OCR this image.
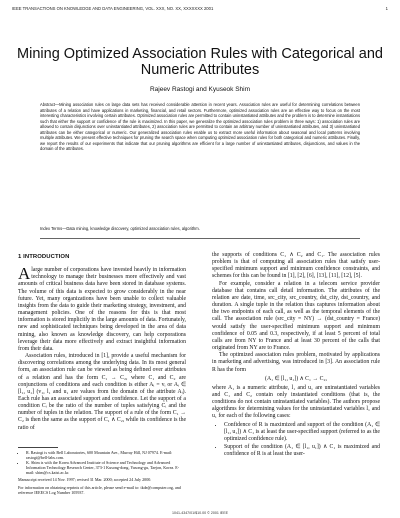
IEEE TRANSACTIONS ON KNOWLEDGE AND DATA ENGINEERING, VOL. XXX, NO. XX, XXXXXXX 2001	1
Mining Optimized Association Rules with Categorical and Numeric Attributes
Rajeev Rastogi and Kyuseok Shim
Abstract—Mining association rules on large data sets has received considerable attention in recent years. Association rules are useful for determining correlations between attributes of a relation and have applications in marketing, financial, and retail sectors. Furthermore, optimized association rules are an effective way to focus on the most interesting characteristics involving certain attributes. Optimized association rules are permitted to contain uninstantiated attributes and the problem is to determine instantiations such that either the support or confidence of the rule is maximized. In this paper, we generalize the optimized association rules problem in three ways: 1) association rules are allowed to contain disjunctions over uninstantiated attributes, 2) association rules are permitted to contain an arbitrary number of uninstantiated attributes, and 3) uninstantiated attributes can be either categorical or numeric. Our generalized association rules enable us to extract more useful information about seasonal and local patterns involving multiple attributes. We present effective techniques for pruning the search space when computing optimized association rules for both categorical and numeric attributes. Finally, we report the results of our experiments that indicate that our pruning algorithms are efficient for a large number of uninstantiated attributes, disjunctions, and values in the domain of the attributes.
Index Terms—Data mining, knowledge discovery, optimized association rules, algorithm.
1 INTRODUCTION

Alarge number of corporations have invested heavily in information technology to manage their businesses more effectively and vast amounts of critical business data have been stored in database systems. The volume of this data is expected to grow considerably in the near future. Yet, many organizations have been unable to collect valuable insights from the data to guide their marketing strategy, investment, and management policies. One of the reasons for this is that most information is stored implicitly in the large amounts of data. Fortunately, new and sophisticated techniques being developed in the area of data mining, also known as knowledge discovery, can help corporations leverage their data more effectively and extract insightful information from their data.

Association rules, introduced in [1], provide a useful mechanism for discovering correlations among the underlying data. In its most general form, an association rule can be viewed as being defined over attributes of a relation and has the form C₁ → C₂, where C₁ and C₂ are conjunctions of conditions and each condition is either Aᵢ = vᵢ or Aᵢ ∈ [l₁, u₁] (v₁, l₁ and u₁ are values from the domain of the attribute Aᵢ). Each rule has an associated support and confidence. Let the support of a condition Cᵢ be the ratio of the number of tuples satisfying Cᵢ and the number of tuples in the relation. The support of a rule of the form C₁ → C₂ is then the same as the support of C₁ ∧ C₂, while its confidence is the ratio of

• R. Rastogi is with Bell Laboratories, 600 Mountain Ave., Murray Hill, NJ 07974. E-mail: rastogi@bell-labs.com.
• K. Shim is with the Korea Advanced Institute of Science and Technology and Advanced Information Technology Research Center, 373-1 Kusong-dong, Yusong-gu, Taejon, Korea. E-mail: shim@cs.kaist.ac.kr.

Manuscript received 14 Nov. 1997; revised 31 Mar. 2000; accepted 24 July 2000.

For information on obtaining reprints of this article, please send e-mail to: tkde@computer.org, and reference IEEECS Log Number 105937.

the supports of conditions C₁ ∧ C₂ and C₁. The association rules problem is that of computing all association rules that satisfy user-specified minimum support and minimum confidence constraints, and schemes for this can be found in [1], [2], [6], [13], [11], [12], [5].

For example, consider a relation in a telecom service provider database that contains call detail information. The attributes of the relation are date, time, src_city, src_country, dst_city, dst_country, and duration. A single tuple in the relation thus captures information about the two endpoints of each call, as well as the temporal elements of the call. The association rule (src_city = NY) → (dst_country = France) would satisfy the user-specified minimum support and minimum confidence of 0.05 and 0.3, respectively, if at least 5 percent of total calls are from NY to France and at least 30 percent of the calls that originated from NY are to France.

The optimized association rules problem, motivated by applications in marketing and advertising, was introduced in [3]. An association rule R has the form

(A₁ ∈ [l₁, u₁]) ∧ C₁ → C₂,

where A₁ is a numeric attribute, l₁ and u₁ are uninstantiated variables and C₁ and C₂ contain only instantiated conditions (that is, the conditions do not contain uninstantiated variables). The authors propose algorithms for determining values for the uninstantiated variables l₁ and u₁ for each of the following cases:

• Confidence of R is maximized and support of the condition (A₁ ∈ [l₁, u₁]) ∧ C₁ is at least the user-specified support (referred to as the optimized confidence rule).
• Support of the condition (A₁ ∈ [l₁, u₁]) ∧ C₁ is maximized and confidence of R is at least the user-
1041-4347/01/$10.00 © 2001 IEEE
